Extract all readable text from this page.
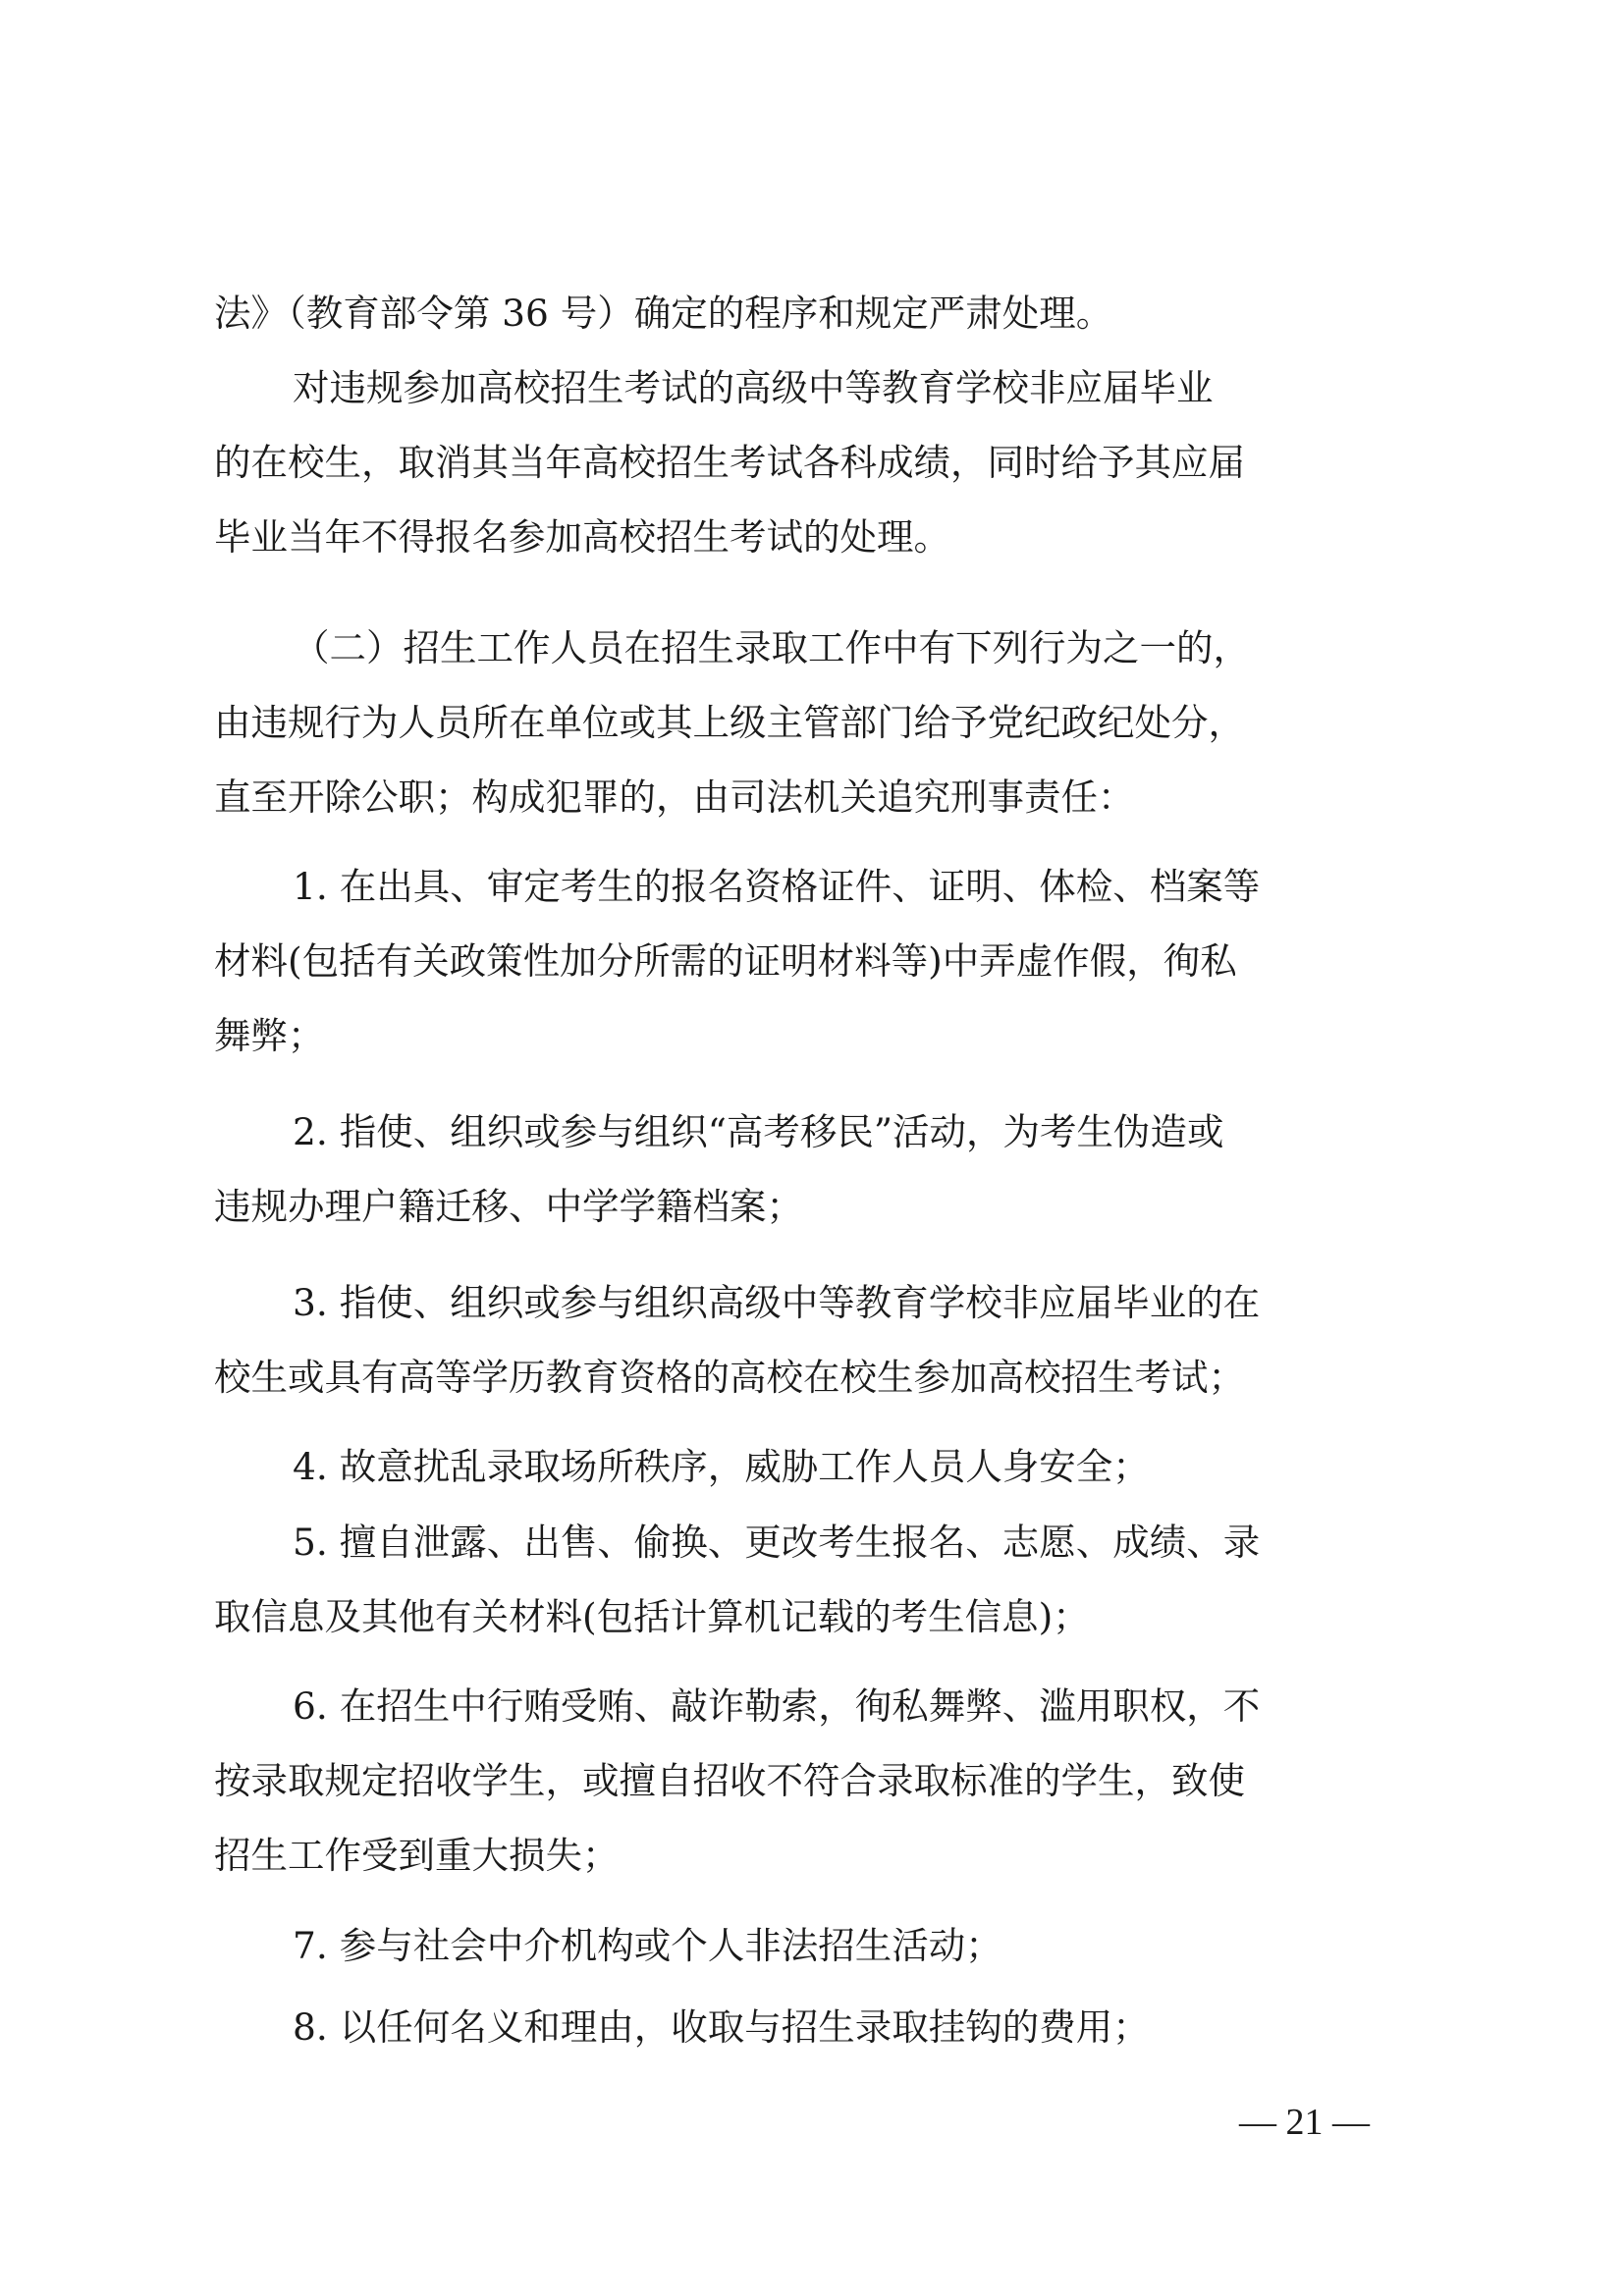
法》（教育部令第 36 号）确定的程序和规定严肃处理。
对违规参加高校招生考试的高级中等教育学校非应届毕业
的在校生，取消其当年高校招生考试各科成绩，同时给予其应届
毕业当年不得报名参加高校招生考试的处理。
（二）招生工作人员在招生录取工作中有下列行为之一的，
由违规行为人员所在单位或其上级主管部门给予党纪政纪处分，
直至开除公职；构成犯罪的，由司法机关追究刑事责任：
1. 在出具、审定考生的报名资格证件、证明、体检、档案等
材料(包括有关政策性加分所需的证明材料等)中弄虚作假，徇私
舞弊；
2. 指使、组织或参与组织“高考移民”活动，为考生伪造或
违规办理户籍迁移、中学学籍档案；
3. 指使、组织或参与组织高级中等教育学校非应届毕业的在
校生或具有高等学历教育资格的高校在校生参加高校招生考试；
4. 故意扰乱录取场所秩序，威胁工作人员人身安全；
5. 擅自泄露、出售、偷换、更改考生报名、志愿、成绩、录
取信息及其他有关材料(包括计算机记载的考生信息)；
6. 在招生中行贿受贿、敲诈勒索，徇私舞弊、滥用职权，不
按录取规定招收学生，或擅自招收不符合录取标准的学生，致使
招生工作受到重大损失；
7. 参与社会中介机构或个人非法招生活动；
8. 以任何名义和理由，收取与招生录取挂钩的费用；
— 21 —
